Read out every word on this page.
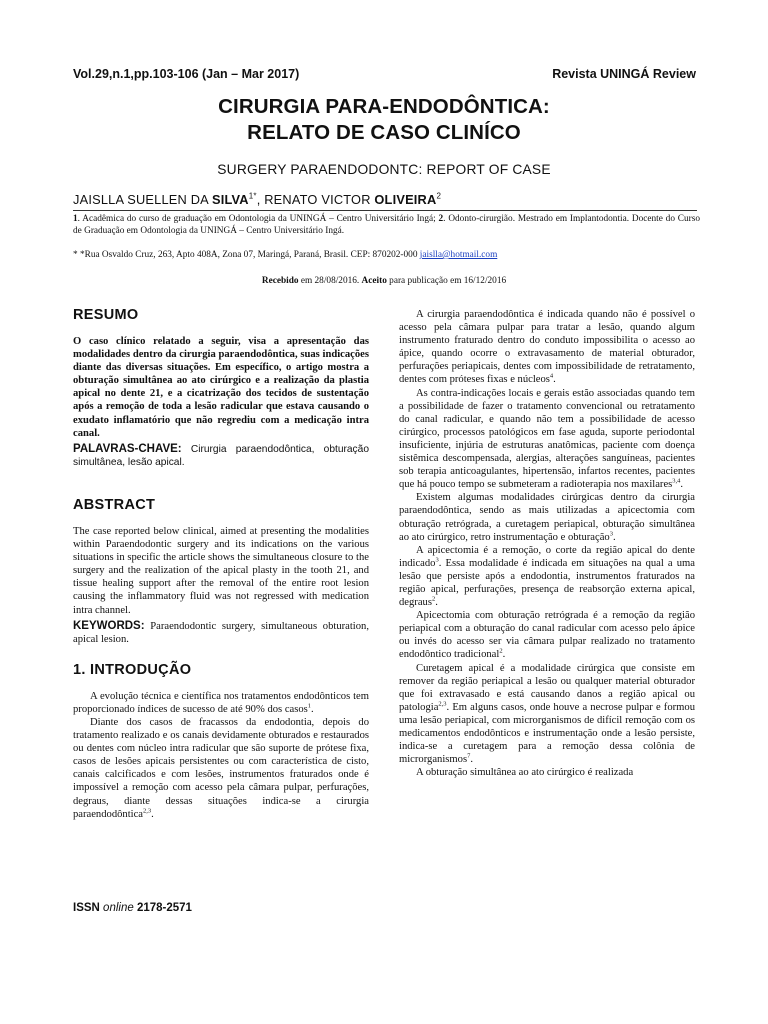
Vol.29,n.1,pp.103-106 (Jan – Mar 2017)	Revista UNINGÁ Review
CIRURGIA PARA-ENDODÔNTICA:
RELATO DE CASO CLINÍCO
SURGERY PARAENDODONTC: REPORT OF CASE
JAISLLA SUELLEN DA $SILVA^{1*}$, RENATO VICTOR OLIVEIRA$^2$
1. Acadêmica do curso de graduação em Odontologia da UNINGÁ – Centro Universitário Ingá; 2. Odonto-cirurgião. Mestrado em Implantodontia. Docente do Curso de Graduação em Odontologia da UNINGÁ – Centro Universitário Ingá.
* *Rua Osvaldo Cruz, 263, Apto 408A, Zona 07, Maringá, Paraná, Brasil. CEP: 870202-000 jaislla@hotmail.com
Recebido em 28/08/2016. Aceito para publicação em 16/12/2016
RESUMO

O caso clínico relatado a seguir, visa a apresentação das modalidades dentro da cirurgia paraendodôntica, suas indicações diante das diversas situações. Em específico, o artigo mostra a obturação simultânea ao ato cirúrgico e a realização da plastia apical no dente 21, e a cicatrização dos tecidos de sustentação após a remoção de toda a lesão radicular que estava causando o exudato inflamatório que não regrediu com a medicação intra canal.

PALAVRAS-CHAVE: Cirurgia paraendodôntica, obturação simultânea, lesão apical.

ABSTRACT

The case reported below clinical, aimed at presenting the modalities within Paraendodontic surgery and its indications on the various situations in specific the article shows the simultaneous closure to the surgery and the realization of the apical plasty in the tooth 21, and tissue healing support after the removal of the entire root lesion causing the inflammatory fluid was not regressed with medication intra channel.

KEYWORDS: Paraendodontic surgery, simultaneous obturation, apical lesion.

1. INTRODUÇÃO

A evolução técnica e científica nos tratamentos endodônticos tem proporcionado índices de sucesso de até 90% dos casos$^1$.

Diante dos casos de fracassos da endodontia, depois do tratamento realizado e os canais devidamente obturados e restaurados ou dentes com núcleo intra radicular que são suporte de prótese fixa, casos de lesões apicais persistentes ou com característica de cisto, canais calcificados e com lesões, instrumentos fraturados onde é impossível a remoção com acesso pela câmara pulpar, perfurações, degraus, diante dessas situações indica-se a cirurgia paraendodôntica$^{2,3}$.

A cirurgia paraendodôntica é indicada quando não é possível o acesso pela câmara pulpar para tratar a lesão, quando algum instrumento fraturado dentro do conduto impossibilita o acesso ao ápice, quando ocorre o extravasamento de material obturador, perfurações periapicais, dentes com impossibilidade de retratamento, dentes com próteses fixas e núcleos$^4$.

As contra-indicações locais e gerais estão associadas quando tem a possibilidade de fazer o tratamento convencional ou retratamento do canal radicular, e quando não tem a possibilidade de acesso cirúrgico, processos patológicos em fase aguda, suporte periodontal insuficiente, injúria de estruturas anatômicas, paciente com doença sistêmica descompensada, alergias, alterações sanguíneas, pacientes sob terapia anticoagulantes, hipertensão, infartos recentes, pacientes que há pouco tempo se submeteram a radioterapia nos maxilares$^{3,4}$.

Existem algumas modalidades cirúrgicas dentro da cirurgia paraendodôntica, sendo as mais utilizadas a apicectomia com obturação retrógrada, a curetagem periapical, obturação simultânea ao ato cirúrgico, retro instrumentação e obturação$^3$.

A apicectomia é a remoção, o corte da região apical do dente indicado$^3$. Essa modalidade é indicada em situações na qual a uma lesão que persiste após a endodontia, instrumentos fraturados na região apical, perfurações, presença de reabsorção externa apical, degraus$^2$.

Apicectomia com obturação retrógrada é a remoção da região periapical com a obturação do canal radicular com acesso pelo ápice ou invés do acesso ser via câmara pulpar realizado no tratamento endodôntico tradicional$^2$.

Curetagem apical é a modalidade cirúrgica que consiste em remover da região periapical a lesão ou qualquer material obturador que foi extravasado e está causando danos a região apical ou patologia$^{2,3}$. Em alguns casos, onde houve a necrose pulpar e formou uma lesão periapical, com microrganismos de difícil remoção com os medicamentos endodônticos e instrumentação onde a lesão persiste, indica-se a curetagem para a remoção dessa colônia de microrganismos$^7$.

A obturação simultânea ao ato cirúrgico é realizada

ISSN online 2178-2571
